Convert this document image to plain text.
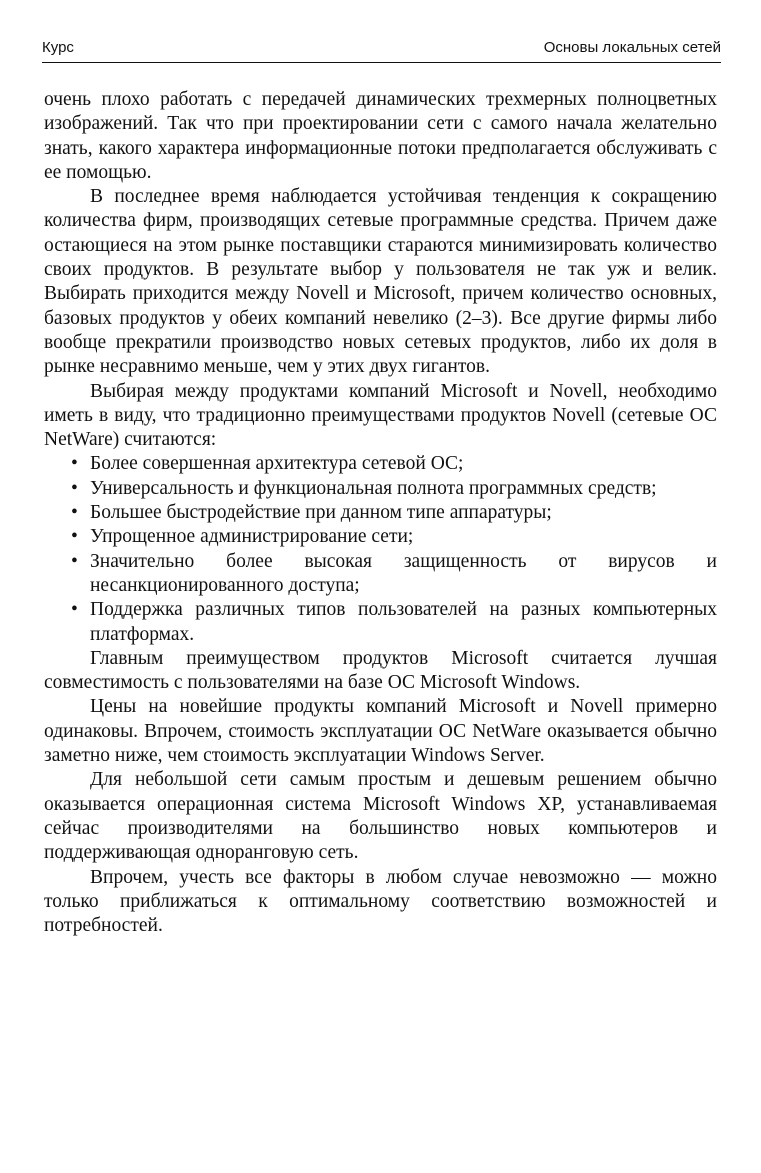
Курс	Основы локальных сетей

очень плохо работать с передачей динамических трехмерных полноцветных изображений. Так что при проектировании сети с самого начала желательно знать, какого характера информационные потоки предполагается обслуживать с ее помощью.

В последнее время наблюдается устойчивая тенденция к сокращению количества фирм, производящих сетевые программные средства. Причем даже остающиеся на этом рынке поставщики стараются минимизировать количество своих продуктов. В результате выбор у пользователя не так уж и велик. Выбирать приходится между Novell и Microsoft, причем количество основных, базовых продуктов у обеих компаний невелико (2–3). Все другие фирмы либо вообще прекратили производство новых сетевых продуктов, либо их доля в рынке несравнимо меньше, чем у этих двух гигантов.

Выбирая между продуктами компаний Microsoft и Novell, необходимо иметь в виду, что традиционно преимуществами продуктов Novell (сетевые ОС NetWare) считаются:

• Более совершенная архитектура сетевой ОС;
• Универсальность и функциональная полнота программных средств;
• Большее быстродействие при данном типе аппаратуры;
• Упрощенное администрирование сети;
• Значительно более высокая защищенность от вирусов и несанкционированного доступа;
• Поддержка различных типов пользователей на разных компьютерных платформах.

Главным преимуществом продуктов Microsoft считается лучшая совместимость с пользователями на базе ОС Microsoft Windows.

Цены на новейшие продукты компаний Microsoft и Novell примерно одинаковы. Впрочем, стоимость эксплуатации ОС NetWare оказывается обычно заметно ниже, чем стоимость эксплуатации Windows Server.

Для небольшой сети самым простым и дешевым решением обычно оказывается операционная система Microsoft Windows XP, устанавливаемая сейчас производителями на большинство новых компьютеров и поддерживающая одноранговую сеть.

Впрочем, учесть все факторы в любом случае невозможно — можно только приближаться к оптимальному соответствию возможностей и потребностей.
